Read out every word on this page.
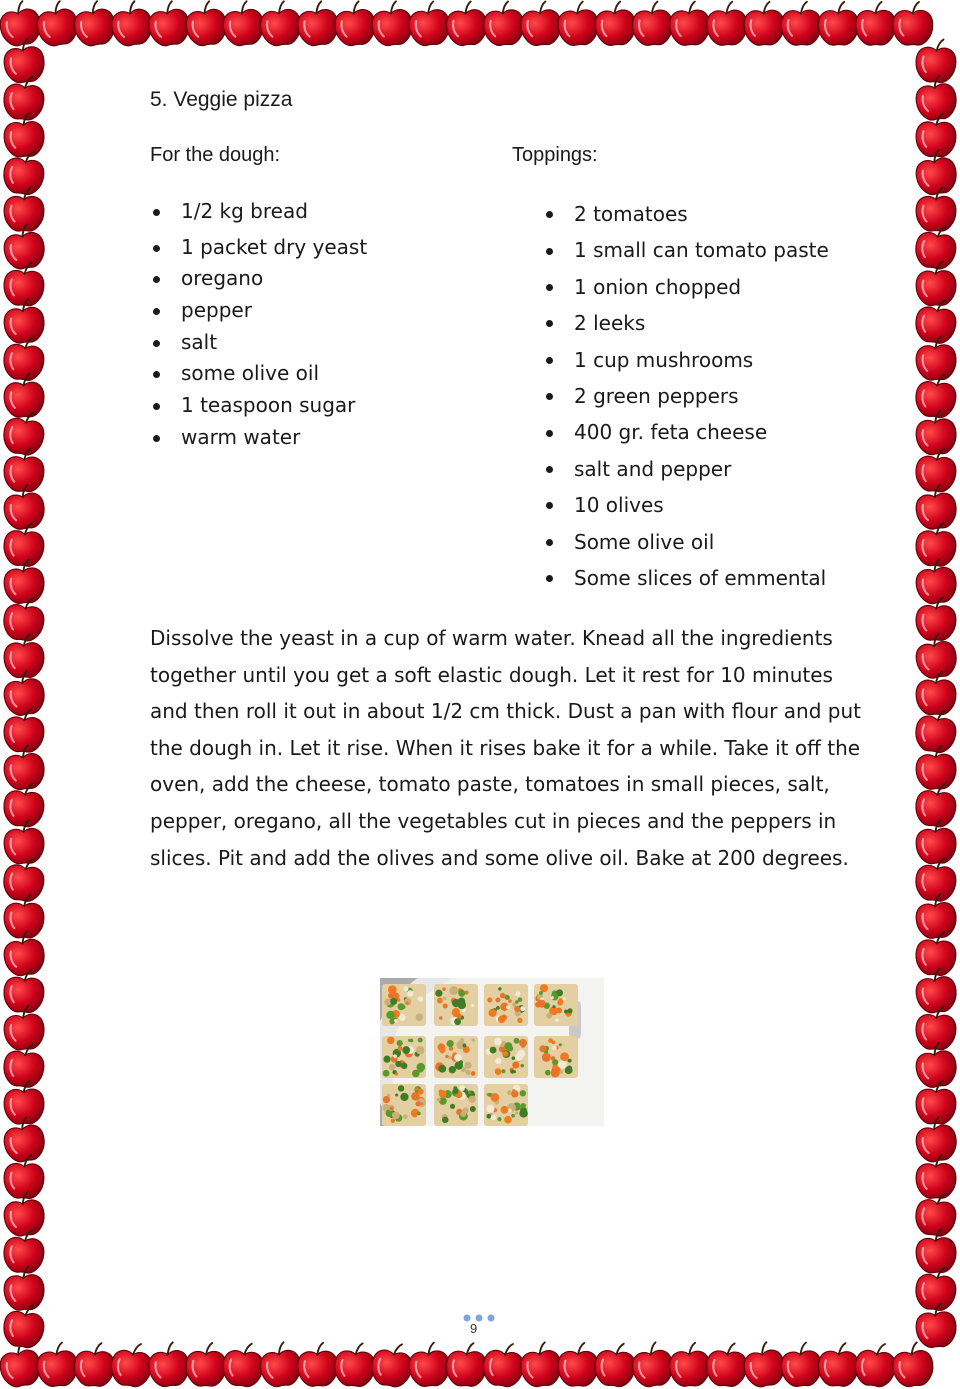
5. Veggie pizza
For the dough:	Toppings:
1/2 kg bread
1 packet dry yeast
oregano
pepper
salt
some olive oil
1 teaspoon sugar
warm water
2 tomatoes
1 small can tomato paste
1 onion chopped
2 leeks
1 cup mushrooms
2 green peppers
400 gr. feta cheese
salt and pepper
10 olives
Some olive oil
Some slices of emmental

Dissolve the yeast in a cup of warm water. Knead all the ingredients together until you get a soft elastic dough. Let it rest for 10 minutes and then roll it out in about 1/2 cm thick. Dust a pan with flour and put the dough in. Let it rise. When it rises bake it for a while. Take it off the oven, add the cheese, tomato paste, tomatoes in small pieces, salt, pepper, oregano, all the vegetables cut in pieces and the peppers in slices. Pit and add the olives and some olive oil. Bake at 200 degrees.

9
